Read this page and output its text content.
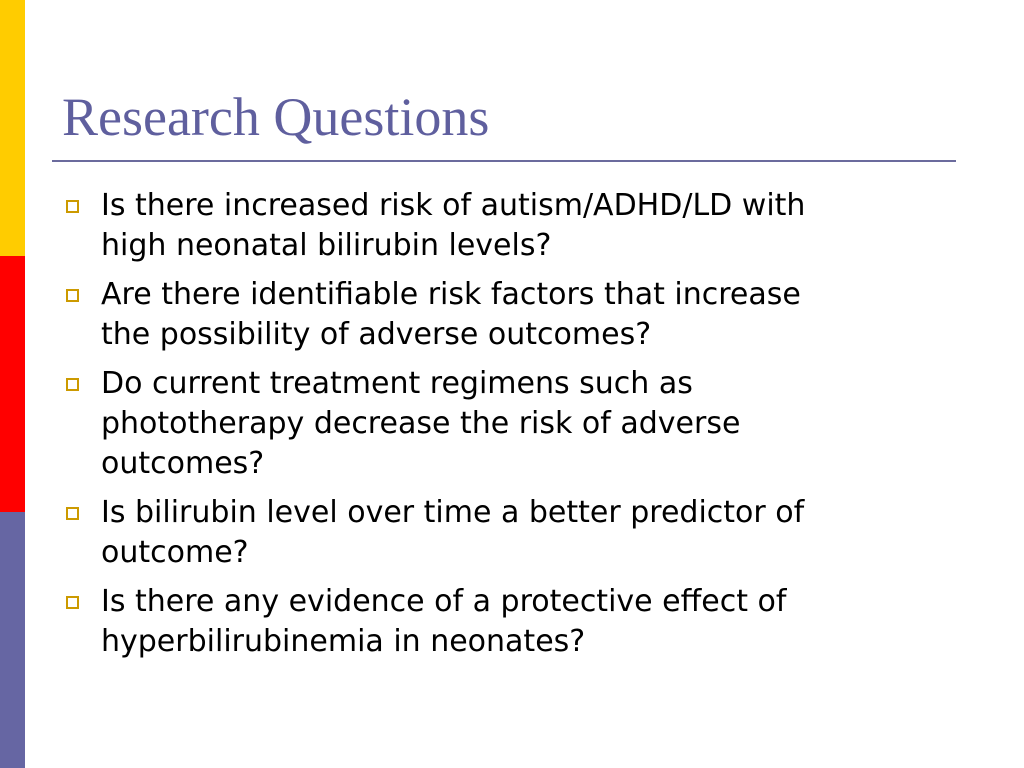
Research Questions
Is there increased risk of autism/ADHD/LD with
high neonatal bilirubin levels?
Are there identifiable risk factors that increase
the possibility of adverse outcomes?
Do current treatment regimens such as
phototherapy decrease the risk of adverse
outcomes?
Is bilirubin level over time a better predictor of
outcome?
Is there any evidence of a protective effect of
hyperbilirubinemia in neonates?
